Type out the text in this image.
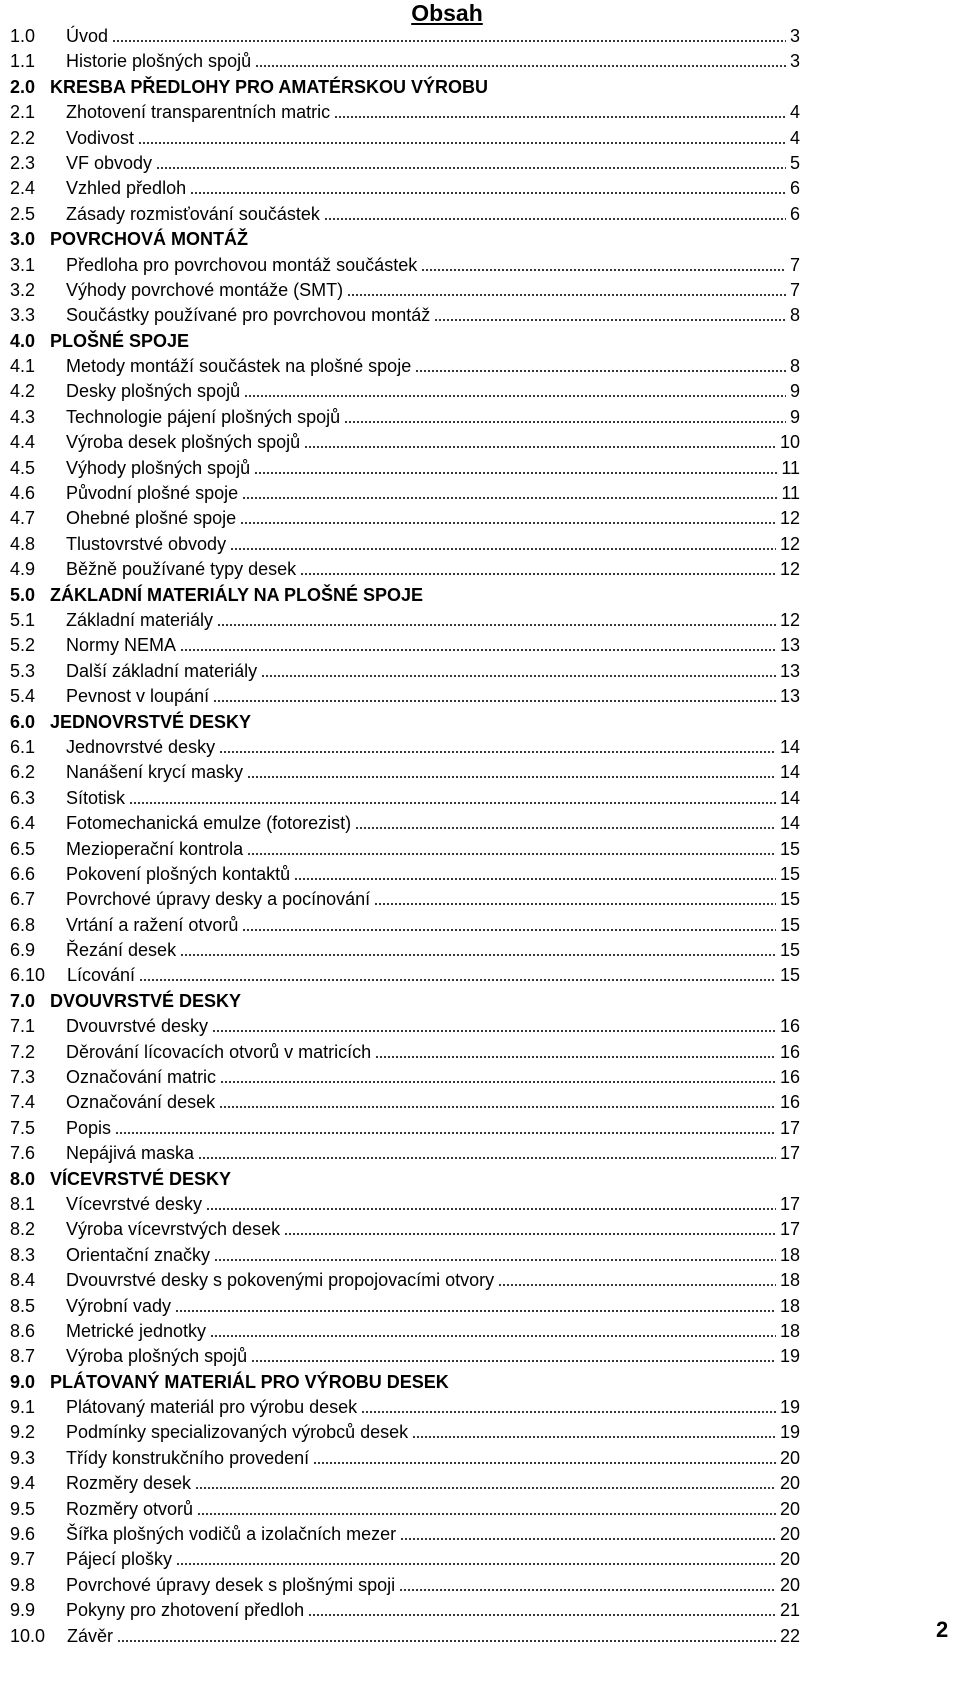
Obsah
1.0 Úvod	3
1.1 Historie plošných spojů	3
2.0 KRESBA PŘEDLOHY PRO AMATÉRSKOU VÝROBU
2.1 Zhotovení transparentních matric	4
2.2 Vodivost	4
2.3 VF obvody	5
2.4 Vzhled předloh	6
2.5 Zásady rozmisťování součástek	6
3.0 POVRCHOVÁ MONTÁŽ
3.1 Předloha pro povrchovou montáž součástek	7
3.2 Výhody povrchové montáže (SMT)	7
3.3 Součástky používané pro povrchovou montáž	8
4.0 PLOŠNÉ SPOJE
4.1 Metody montáží součástek na plošné spoje	8
4.2 Desky plošných spojů	9
4.3 Technologie pájení plošných spojů	9
4.4 Výroba desek plošných spojů	10
4.5 Výhody plošných spojů	11
4.6 Původní plošné spoje	11
4.7 Ohebné plošné spoje	12
4.8 Tlustovrstvé obvody	12
4.9 Běžně používané typy desek	12
5.0 ZÁKLADNÍ MATERIÁLY NA PLOŠNÉ SPOJE
5.1 Základní materiály	12
5.2 Normy NEMA	13
5.3 Další základní materiály	13
5.4 Pevnost v loupání	13
6.0 JEDNOVRSTVÉ DESKY
6.1 Jednovrstvé desky	14
6.2 Nanášení krycí masky	14
6.3 Sítotisk	14
6.4 Fotomechanická emulze (fotorezist)	14
6.5 Mezioperační kontrola	15
6.6 Pokovení plošných kontaktů	15
6.7 Povrchové úpravy desky a pocínování	15
6.8 Vrtání a ražení otvorů	15
6.9 Řezání desek	15
6.10 Lícování	15
7.0 DVOUVRSTVÉ DESKY
7.1 Dvouvrstvé desky	16
7.2 Děrování lícovacích otvorů v matricích	16
7.3 Označování matric	16
7.4 Označování desek	16
7.5 Popis	17
7.6 Nepájivá maska	17
8.0 VÍCEVRSTVÉ DESKY
8.1 Vícevrstvé desky	17
8.2 Výroba vícevrstvých desek	17
8.3 Orientační značky	18
8.4 Dvouvrstvé desky s pokovenými propojovacími otvory	18
8.5 Výrobní vady	18
8.6 Metrické jednotky	18
8.7 Výroba plošných spojů	19
9.0 PLÁTOVANÝ MATERIÁL PRO VÝROBU DESEK
9.1 Plátovaný materiál pro výrobu desek	19
9.2 Podmínky specializovaných výrobců desek	19
9.3 Třídy konstrukčního provedení	20
9.4 Rozměry desek	20
9.5 Rozměry otvorů	20
9.6 Šířka plošných vodičů a izolačních mezer	20
9.7 Pájecí plošky	20
9.8 Povrchové úpravy desek s plošnými spoji	20
9.9 Pokyny pro zhotovení předloh	21
10.0 Závěr	22	2
